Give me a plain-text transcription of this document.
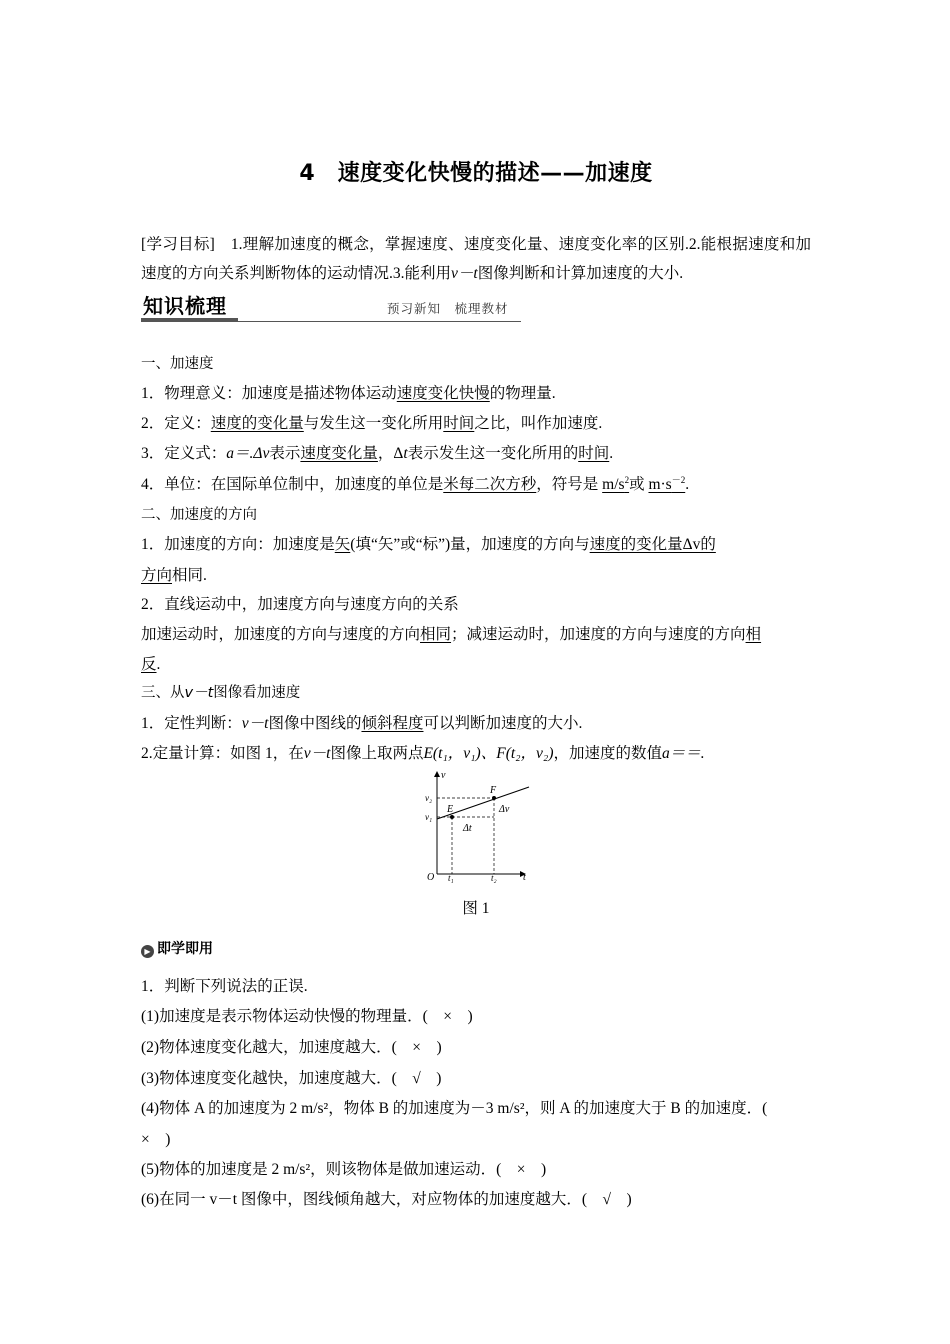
4　速度变化快慢的描述——加速度
[学习目标]　1.理解加速度的概念，掌握速度、速度变化量、速度变化率的区别.2.能根据速度和加速度的方向关系判断物体的运动情况.3.能利用v－t图像判断和计算加速度的大小.
知识梳理	预习新知　梳理教材
一、加速度
1．物理意义：加速度是描述物体运动速度变化快慢的物理量.
2．定义：速度的变化量与发生这一变化所用时间之比，叫作加速度.
3．定义式：a＝.Δv表示速度变化量，Δt表示发生这一变化所用的时间.
4．单位：在国际单位制中，加速度的单位是米每二次方秒，符号是 $m/s^2$或 $m\cdot s^{-2}$.
二、加速度的方向
1．加速度的方向：加速度是矢(填“矢”或“标”)量，加速度的方向与速度的变化量Δv的
方向相同.
2．直线运动中，加速度方向与速度方向的关系
加速运动时，加速度的方向与速度的方向相同；减速运动时，加速度的方向与速度的方向相
反.
三、从v－t图像看加速度
1．定性判断：v－t图像中图线的倾斜程度可以判断加速度的大小.
2.定量计算：如图 1，在v－t图像上取两点E(t₁，v₁)、F(t₂，v₂)，加速度的数值a＝＝.
v
t
O
v₂
v₁
t₁	t₂
E
F
Δt
Δv
图 1
▶ 即学即用
1．判断下列说法的正误.
(1)加速度是表示物体运动快慢的物理量．(　×　)
(2)物体速度变化越大，加速度越大．(　×　)
(3)物体速度变化越快，加速度越大．(　√　)
(4)物体 A 的加速度为 2 m/s²，物体 B 的加速度为－3 m/s²，则 A 的加速度大于 B 的加速度．(
×　)
(5)物体的加速度是 2 m/s²，则该物体是做加速运动．(　×　)
(6)在同一 v－t 图像中，图线倾角越大，对应物体的加速度越大．(　√　)
